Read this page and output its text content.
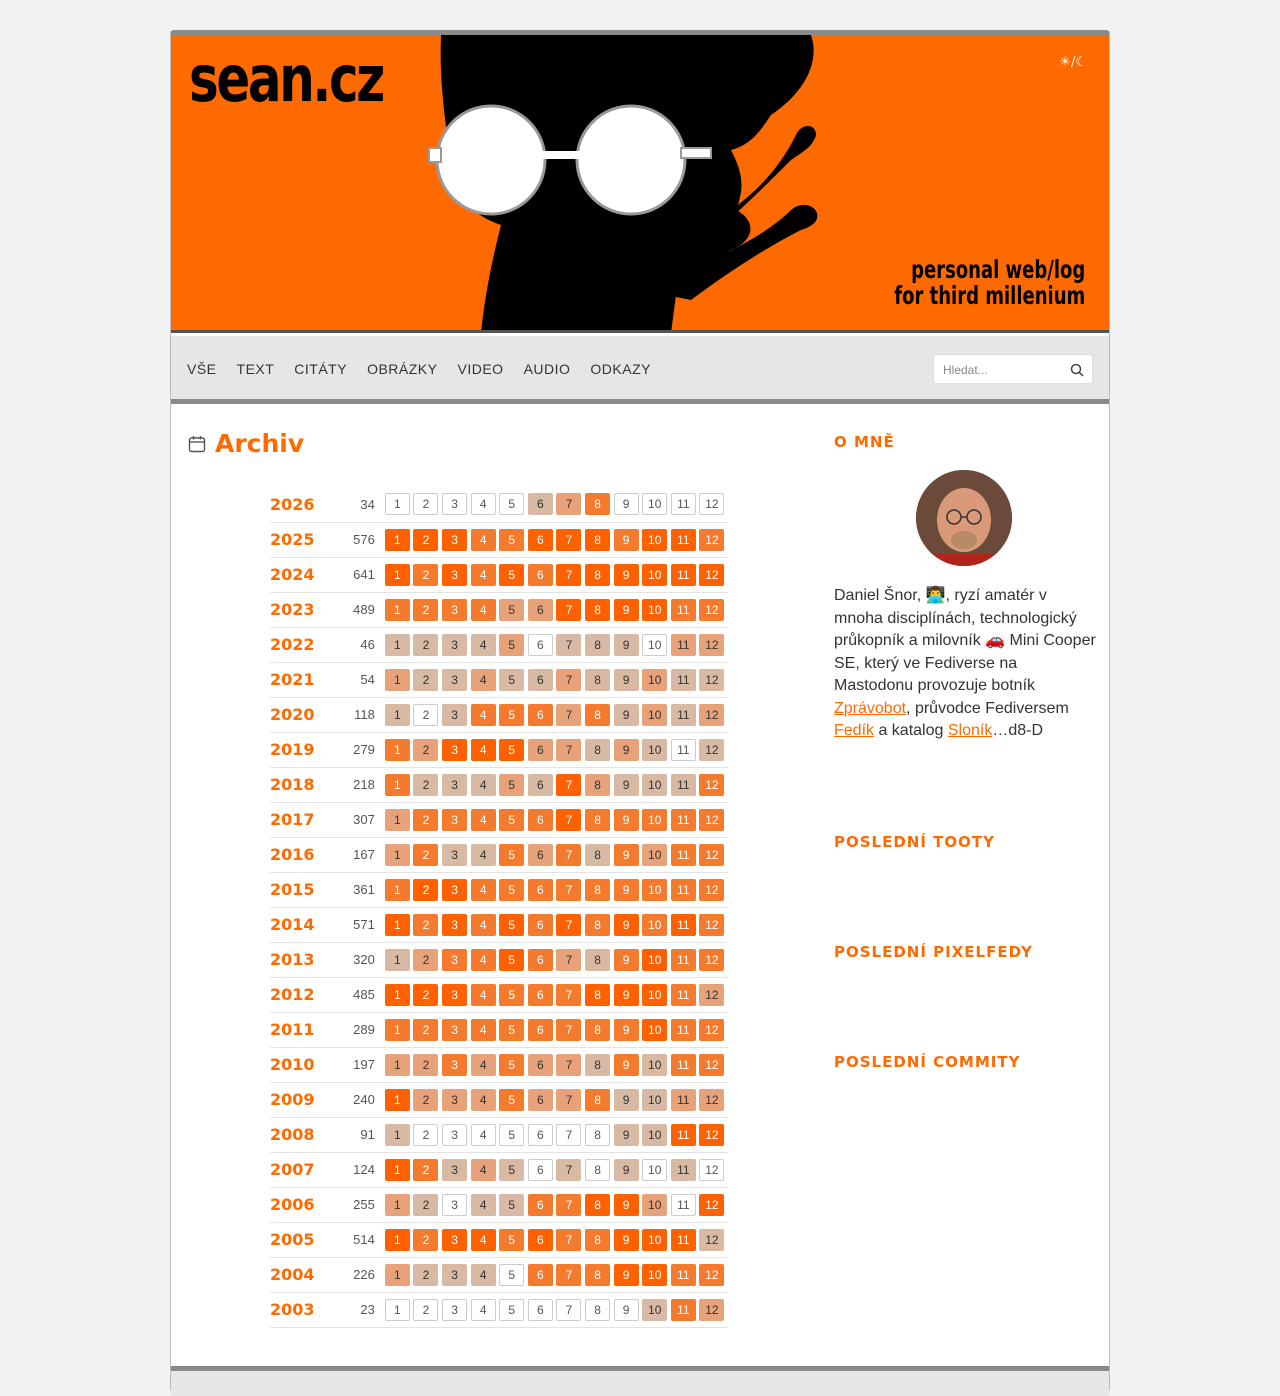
sean.cz
personal web/log
for third millenium
☀/☾
VŠE TEXT CITÁTY OBRÁZKY VIDEO AUDIO ODKAZY
Hledat...
Archiv
2026	34	1 2 3 4 5 6 7 8 9 10 11 12
2025	576	1 2 3 4 5 6 7 8 9 10 11 12
2024	641	1 2 3 4 5 6 7 8 9 10 11 12
2023	489	1 2 3 4 5 6 7 8 9 10 11 12
2022	46	1 2 3 4 5 6 7 8 9 10 11 12
2021	54	1 2 3 4 5 6 7 8 9 10 11 12
2020	118	1 2 3 4 5 6 7 8 9 10 11 12
2019	279	1 2 3 4 5 6 7 8 9 10 11 12
2018	218	1 2 3 4 5 6 7 8 9 10 11 12
2017	307	1 2 3 4 5 6 7 8 9 10 11 12
2016	167	1 2 3 4 5 6 7 8 9 10 11 12
2015	361	1 2 3 4 5 6 7 8 9 10 11 12
2014	571	1 2 3 4 5 6 7 8 9 10 11 12
2013	320	1 2 3 4 5 6 7 8 9 10 11 12
2012	485	1 2 3 4 5 6 7 8 9 10 11 12
2011	289	1 2 3 4 5 6 7 8 9 10 11 12
2010	197	1 2 3 4 5 6 7 8 9 10 11 12
2009	240	1 2 3 4 5 6 7 8 9 10 11 12
2008	91	1 2 3 4 5 6 7 8 9 10 11 12
2007	124	1 2 3 4 5 6 7 8 9 10 11 12
2006	255	1 2 3 4 5 6 7 8 9 10 11 12
2005	514	1 2 3 4 5 6 7 8 9 10 11 12
2004	226	1 2 3 4 5 6 7 8 9 10 11 12
2003	23	1 2 3 4 5 6 7 8 9 10 11 12
O MNĚ
Daniel Šnor, 👨‍💻, ryzí amatér v mnoha disciplínách, technologický průkopník a milovník 🚗 Mini Cooper SE, který ve Fediverse na Mastodonu provozuje botník Zprávobot, průvodce Fediversem Fedík a katalog Sloník…d8-D
POSLEDNÍ TOOTY
POSLEDNÍ PIXELFEDY
POSLEDNÍ COMMITY
